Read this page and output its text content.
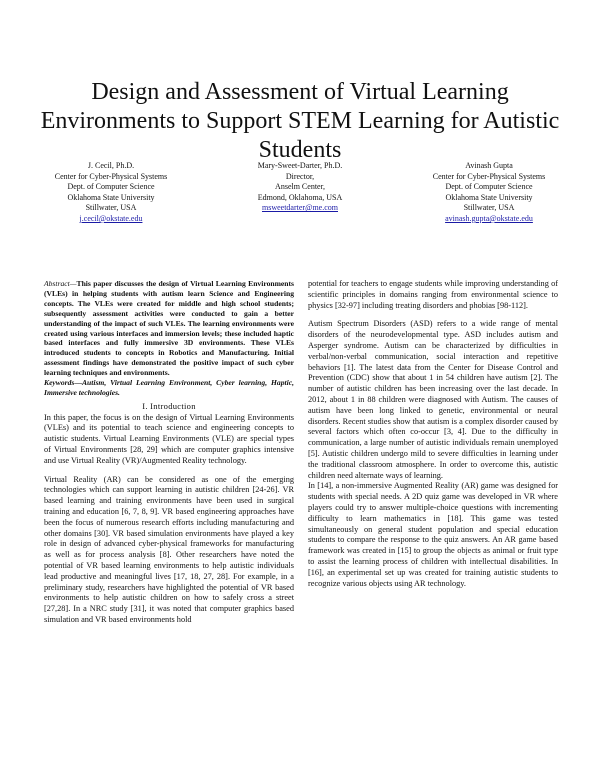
Design and Assessment of Virtual Learning Environments to Support STEM Learning for Autistic Students
J. Cecil, Ph.D.
Center for Cyber-Physical Systems
Dept. of Computer Science
Oklahoma State University
Stillwater, USA
j.cecil@okstate.edu
Mary-Sweet-Darter, Ph.D.
Director,
Anselm Center,
Edmond, Oklahoma, USA
msweetdarter@me.com
Avinash Gupta
Center for Cyber-Physical Systems
Dept. of Computer Science
Oklahoma State University
Stillwater, USA
avinash.gupta@okstate.edu

Abstract—This paper discusses the design of Virtual Learning Environments (VLEs) in helping students with autism learn Science and Engineering concepts. The VLEs were created for middle and high school students; subsequently assessment activities were conducted to gain a better understanding of the impact of such VLEs. The learning environments were created using various interfaces and immersion levels; these included haptic based interfaces and fully immersive 3D environments. These VLEs introduced students to concepts in Robotics and Manufacturing. Initial assessment findings have demonstrated the positive impact of such cyber learning techniques and environments.

Keywords—Autism, Virtual Learning Environment, Cyber learning, Haptic, Immersive technologies.

I. Introduction

In this paper, the focus is on the design of Virtual Learning Environments (VLEs) and its potential to teach science and engineering concepts to autistic students. Virtual Learning Environments (VLE) are special types of Virtual Environments [28, 29] which are computer graphics intensive and use Virtual Reality (VR)/Augmented Reality technology.

Virtual Reality (AR) can be considered as one of the emerging technologies which can support learning in autistic children [24-26]. VR based learning and training environments have been used in surgical training and education [6, 7, 8, 9]. VR based engineering approaches have been the focus of numerous research efforts including manufacturing and other domains [30]. VR based simulation environments have played a key role in design of advanced cyber-physical frameworks for manufacturing as well as for process analysis [8]. Other researchers have noted the potential of VR based learning environments to help autistic individuals lead productive and meaningful lives [17, 18, 27, 28]. For example, in a preliminary study, researchers have highlighted the potential of VR based environments to help autistic children on how to safely cross a street [27,28]. In a NRC study [31], it was noted that computer graphics based simulation and VR based environments hold

potential for teachers to engage students while improving understanding of scientific principles in domains ranging from environmental science to physics [32-97] including treating disorders and phobias [98-112].

Autism Spectrum Disorders (ASD) refers to a wide range of mental disorders of the neurodevelopmental type. ASD includes autism and Asperger syndrome. Autism can be characterized by difficulties in verbal/non-verbal communication, social interaction and repetitive behaviors [1]. The latest data from the Center for Disease Control and Prevention (CDC) show that about 1 in 54 children have autism [2]. The number of autistic children has been increasing over the last decade. In 2012, about 1 in 88 children were diagnosed with Autism. The causes of autism have been long linked to genetic, environmental or neural disorders. Recent studies show that autism is a complex disorder caused by several factors which often co-occur [3, 4]. Due to the difficulty in communication, a large number of autistic individuals remain unemployed [5]. Autistic children undergo mild to severe difficulties in learning under the traditional classroom atmosphere. In order to overcome this, autistic children need alternate ways of learning.

In [14], a non-immersive Augmented Reality (AR) game was designed for students with special needs. A 2D quiz game was developed in VR where players could try to answer multiple-choice questions with incrementing difficulty to learn mathematics in [18]. This game was tested simultaneously on general student population and special education students to compare the response to the quiz answers. An AR game based framework was created in [15] to group the objects as animal or fruit type to assist the learning process of children with intellectual disabilities. In [16], an experimental set up was created for training autistic students to recognize various objects using AR technology.
